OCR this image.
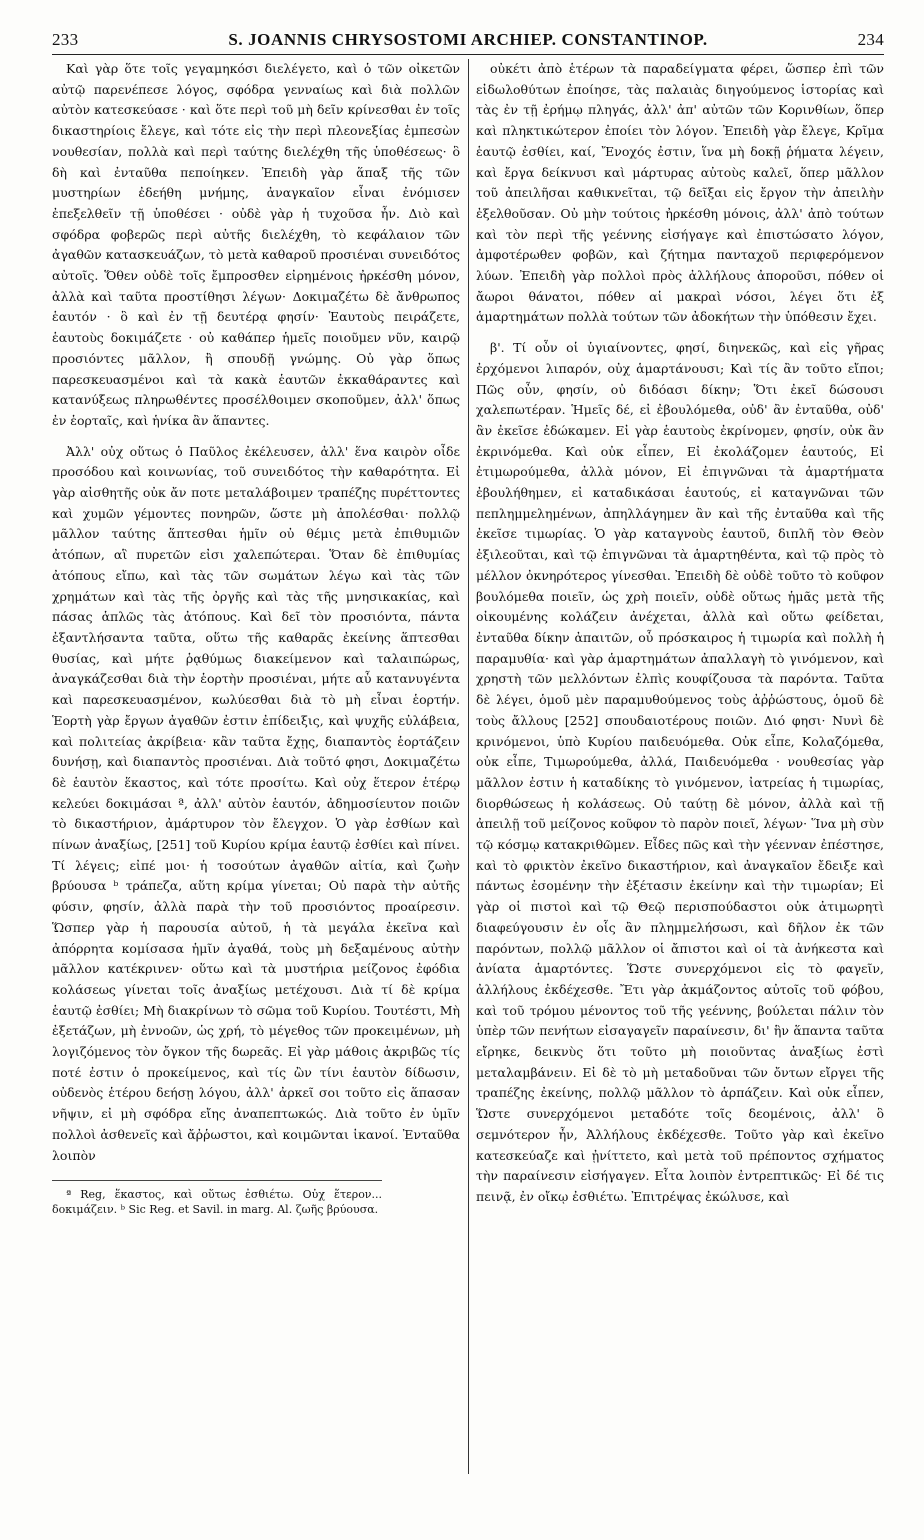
233	S. JOANNIS CHRYSOSTOMI ARCHIEP. CONSTANTINOP.	234

Καὶ γὰρ ὅτε τοῖς γεγαμηκόσι διελέγετο, καὶ ὁ τῶν οἰκετῶν αὐτῷ παρενέπεσε λόγος, σφόδρα γενναίως καὶ διὰ πολλῶν αὐτὸν κατεσκεύασε · καὶ ὅτε περὶ τοῦ μὴ δεῖν κρίνεσθαι ἐν τοῖς δικαστηρίοις ἔλεγε, καὶ τότε εἰς τὴν περὶ πλεονεξίας ἐμπεσὼν νουθεσίαν, πολλὰ καὶ περὶ ταύτης διελέχθη τῆς ὑποθέσεως· ὃ δὴ καὶ ἐνταῦθα πεποίηκεν. Ἐπειδὴ γὰρ ἅπαξ τῆς τῶν μυστηρίων ἐδεήθη μνήμης, ἀναγκαῖον εἶναι ἐνόμισεν ἐπεξελθεῖν τῇ ὑποθέσει · οὐδὲ γὰρ ἡ τυχοῦσα ἦν. Διὸ καὶ σφόδρα φοβερῶς περὶ αὐτῆς διελέχθη, τὸ κεφάλαιον τῶν ἀγαθῶν κατασκευάζων, τὸ μετὰ καθαροῦ προσιέναι συνειδότος αὐτοῖς. Ὅθεν οὐδὲ τοῖς ἔμπροσθεν εἰρημένοις ἠρκέσθη μόνον, ἀλλὰ καὶ ταῦτα προστίθησι λέγων· Δοκιμαζέτω δὲ ἄνθρωπος ἑαυτόν · ὃ καὶ ἐν τῇ δευτέρᾳ φησίν· Ἑαυτοὺς πειράζετε, ἑαυτοὺς δοκιμάζετε · οὐ καθάπερ ἡμεῖς ποιοῦμεν νῦν, καιρῷ προσιόντες μᾶλλον, ἢ σπουδῇ γνώμης. Οὐ γὰρ ὅπως παρεσκευασμένοι καὶ τὰ κακὰ ἑαυτῶν ἐκκαθάραντες καὶ κατανύξεως πληρωθέντες προσέλθοιμεν σκοποῦμεν, ἀλλ' ὅπως ἐν ἑορταῖς, καὶ ἡνίκα ἂν ἅπαντες.

Ἀλλ' οὐχ οὕτως ὁ Παῦλος ἐκέλευσεν, ἀλλ' ἕνα καιρὸν οἶδε προσόδου καὶ κοινωνίας, τοῦ συνειδότος τὴν καθαρότητα. Εἰ γὰρ αἰσθητῆς οὐκ ἄν ποτε μεταλάβοιμεν τραπέζης πυρέττοντες καὶ χυμῶν γέμοντες πονηρῶν, ὥστε μὴ ἀπολέσθαι· πολλῷ μᾶλλον ταύτης ἅπτεσθαι ἡμῖν οὐ θέμις μετὰ ἐπιθυμιῶν ἀτόπων, αἳ πυρετῶν εἰσι χαλεπώτεραι. Ὅταν δὲ ἐπιθυμίας ἀτόπους εἴπω, καὶ τὰς τῶν σωμάτων λέγω καὶ τὰς τῶν χρημάτων καὶ τὰς τῆς ὀργῆς καὶ τὰς τῆς μνησικακίας, καὶ πάσας ἁπλῶς τὰς ἀτόπους. Καὶ δεῖ τὸν προσιόντα, πάντα ἐξαντλήσαντα ταῦτα, οὕτω τῆς καθαρᾶς ἐκείνης ἅπτεσθαι θυσίας, καὶ μήτε ῥᾳθύμως διακείμενον καὶ ταλαιπώρως, ἀναγκάζεσθαι διὰ τὴν ἑορτὴν προσιέναι, μήτε αὖ κατανυγέντα καὶ παρεσκευασμένον, κωλύεσθαι διὰ τὸ μὴ εἶναι ἑορτήν. Ἑορτὴ γὰρ ἔργων ἀγαθῶν ἐστιν ἐπίδειξις, καὶ ψυχῆς εὐλάβεια, καὶ πολιτείας ἀκρίβεια· κἂν ταῦτα ἔχῃς, διαπαντὸς ἑορτάζειν δυνήσῃ, καὶ διαπαντὸς προσιέναι. Διὰ τοῦτό φησι, Δοκιμαζέτω δὲ ἑαυτὸν ἕκαστος, καὶ τότε προσίτω. Καὶ οὐχ ἕτερον ἑτέρῳ κελεύει δοκιμάσαι ª, ἀλλ' αὐτὸν ἑαυτόν, ἀδημοσίευτον ποιῶν τὸ δικαστήριον, ἀμάρτυρον τὸν ἔλεγχον. Ὁ γὰρ ἐσθίων καὶ πίνων ἀναξίως, [251] τοῦ Κυρίου κρίμα ἑαυτῷ ἐσθίει καὶ πίνει. Τί λέγεις; εἰπέ μοι· ἡ τοσούτων ἀγαθῶν αἰτία, καὶ ζωὴν βρύουσα ᵇ τράπεζα, αὕτη κρίμα γίνεται; Οὐ παρὰ τὴν αὐτῆς φύσιν, φησίν, ἀλλὰ παρὰ τὴν τοῦ προσιόντος προαίρεσιν. Ὥσπερ γὰρ ἡ παρουσία αὐτοῦ, ἡ τὰ μεγάλα ἐκεῖνα καὶ ἀπόρρητα κομίσασα ἡμῖν ἀγαθά, τοὺς μὴ δεξαμένους αὐτὴν μᾶλλον κατέκρινεν· οὕτω καὶ τὰ μυστήρια μείζονος ἐφόδια κολάσεως γίνεται τοῖς ἀναξίως μετέχουσι. Διὰ τί δὲ κρίμα ἑαυτῷ ἐσθίει; Μὴ διακρίνων τὸ σῶμα τοῦ Κυρίου. Τουτέστι, Μὴ ἐξετάζων, μὴ ἐννοῶν, ὡς χρή, τὸ μέγεθος τῶν προκειμένων, μὴ λογιζόμενος τὸν ὄγκον τῆς δωρεᾶς. Εἰ γὰρ μάθοις ἀκριβῶς τίς ποτέ ἐστιν ὁ προκείμενος, καὶ τίς ὢν τίνι ἑαυτὸν δίδωσιν, οὐδενὸς ἑτέρου δεήσῃ λόγου, ἀλλ' ἀρκεῖ σοι τοῦτο εἰς ἅπασαν νῆψιν, εἰ μὴ σφόδρα εἴης ἀναπεπτωκώς. Διὰ τοῦτο ἐν ὑμῖν πολλοὶ ἀσθενεῖς καὶ ἄῤῥωστοι, καὶ κοιμῶνται ἱκανοί. Ἐνταῦθα λοιπὸν

ª Reg, ἕκαστος, καὶ οὕτως ἐσθιέτω. Οὐχ ἕτερον... δοκιμάζειν. ᵇ Sic Reg. et Savil. in marg. Al. ζωῆς βρύουσα.

οὐκέτι ἀπὸ ἑτέρων τὰ παραδείγματα φέρει, ὥσπερ ἐπὶ τῶν εἰδωλοθύτων ἐποίησε, τὰς παλαιὰς διηγούμενος ἱστορίας καὶ τὰς ἐν τῇ ἐρήμῳ πληγάς, ἀλλ' ἀπ' αὐτῶν τῶν Κορινθίων, ὅπερ καὶ πληκτικώτερον ἐποίει τὸν λόγον. Ἐπειδὴ γὰρ ἔλεγε, Κρῖμα ἑαυτῷ ἐσθίει, καί, Ἔνοχός ἐστιν, ἵνα μὴ δοκῇ ῥήματα λέγειν, καὶ ἔργα δείκνυσι καὶ μάρτυρας αὐτοὺς καλεῖ, ὅπερ μᾶλλον τοῦ ἀπειλῆσαι καθικνεῖται, τῷ δεῖξαι εἰς ἔργον τὴν ἀπειλὴν ἐξελθοῦσαν. Οὐ μὴν τούτοις ἠρκέσθη μόνοις, ἀλλ' ἀπὸ τούτων καὶ τὸν περὶ τῆς γεέννης εἰσήγαγε καὶ ἐπιστώσατο λόγον, ἀμφοτέρωθεν φοβῶν, καὶ ζήτημα πανταχοῦ περιφερόμενον λύων. Ἐπειδὴ γὰρ πολλοὶ πρὸς ἀλλήλους ἀποροῦσι, πόθεν οἱ ἄωροι θάνατοι, πόθεν αἱ μακραὶ νόσοι, λέγει ὅτι ἐξ ἁμαρτημάτων πολλὰ τούτων τῶν ἀδοκήτων τὴν ὑπόθεσιν ἔχει.

β'. Τί οὖν οἱ ὑγιαίνοντες, φησί, διηνεκῶς, καὶ εἰς γῆρας ἐρχόμενοι λιπαρόν, οὐχ ἁμαρτάνουσι; Καὶ τίς ἂν τοῦτο εἴποι; Πῶς οὖν, φησίν, οὐ διδόασι δίκην; Ὅτι ἐκεῖ δώσουσι χαλεπωτέραν. Ἡμεῖς δέ, εἰ ἐβουλόμεθα, οὐδ' ἂν ἐνταῦθα, οὐδ' ἂν ἐκεῖσε ἐδώκαμεν. Εἰ γὰρ ἑαυτοὺς ἐκρίνομεν, φησίν, οὐκ ἂν ἐκρινόμεθα. Καὶ οὐκ εἶπεν, Εἰ ἐκολάζομεν ἑαυτούς, Εἰ ἐτιμωρούμεθα, ἀλλὰ μόνον, Εἰ ἐπιγνῶναι τὰ ἁμαρτήματα ἐβουλήθημεν, εἰ καταδικάσαι ἑαυτούς, εἰ καταγνῶναι τῶν πεπλημμελημένων, ἀπηλλάγημεν ἂν καὶ τῆς ἐνταῦθα καὶ τῆς ἐκεῖσε τιμωρίας. Ὁ γὰρ καταγνοὺς ἑαυτοῦ, διπλῆ τὸν Θεὸν ἐξιλεοῦται, καὶ τῷ ἐπιγνῶναι τὰ ἁμαρτηθέντα, καὶ τῷ πρὸς τὸ μέλλον ὀκνηρότερος γίνεσθαι. Ἐπειδὴ δὲ οὐδὲ τοῦτο τὸ κοῦφον βουλόμεθα ποιεῖν, ὡς χρὴ ποιεῖν, οὐδὲ οὕτως ἡμᾶς μετὰ τῆς οἰκουμένης κολάζειν ἀνέχεται, ἀλλὰ καὶ οὕτω φείδεται, ἐνταῦθα δίκην ἀπαιτῶν, οὗ πρόσκαιρος ἡ τιμωρία καὶ πολλὴ ἡ παραμυθία· καὶ γὰρ ἁμαρτημάτων ἀπαλλαγὴ τὸ γινόμενον, καὶ χρηστὴ τῶν μελλόντων ἐλπὶς κουφίζουσα τὰ παρόντα. Ταῦτα δὲ λέγει, ὁμοῦ μὲν παραμυθούμενος τοὺς ἀῤῥώστους, ὁμοῦ δὲ τοὺς ἄλλους [252] σπουδαιοτέρους ποιῶν. Διό φησι· Νυνὶ δὲ κρινόμενοι, ὑπὸ Κυρίου παιδευόμεθα. Οὐκ εἶπε, Κολαζόμεθα, οὐκ εἶπε, Τιμωρούμεθα, ἀλλά, Παιδευόμεθα · νουθεσίας γὰρ μᾶλλον ἐστιν ἡ καταδίκης τὸ γινόμενον, ἰατρείας ἡ τιμωρίας, διορθώσεως ἡ κολάσεως. Οὐ ταύτῃ δὲ μόνον, ἀλλὰ καὶ τῇ ἀπειλῇ τοῦ μείζονος κοῦφον τὸ παρὸν ποιεῖ, λέγων· Ἵνα μὴ σὺν τῷ κόσμῳ κατακριθῶμεν. Εἶδες πῶς καὶ τὴν γέενναν ἐπέστησε, καὶ τὸ φρικτὸν ἐκεῖνο δικαστήριον, καὶ ἀναγκαῖον ἔδειξε καὶ πάντως ἐσομένην τὴν ἐξέτασιν ἐκείνην καὶ τὴν τιμωρίαν; Εἰ γὰρ οἱ πιστοὶ καὶ τῷ Θεῷ περισπούδαστοι οὐκ ἀτιμωρητὶ διαφεύγουσιν ἐν οἷς ἂν πλημμελήσωσι, καὶ δῆλον ἐκ τῶν παρόντων, πολλῷ μᾶλλον οἱ ἄπιστοι καὶ οἱ τὰ ἀνήκεστα καὶ ἀνίατα ἁμαρτόντες. Ὥστε συνερχόμενοι εἰς τὸ φαγεῖν, ἀλλήλους ἐκδέχεσθε. Ἔτι γὰρ ἀκμάζοντος αὐτοῖς τοῦ φόβου, καὶ τοῦ τρόμου μένοντος τοῦ τῆς γεέννης, βούλεται πάλιν τὸν ὑπὲρ τῶν πενήτων εἰσαγαγεῖν παραίνεσιν, δι' ἣν ἅπαντα ταῦτα εἴρηκε, δεικνὺς ὅτι τοῦτο μὴ ποιοῦντας ἀναξίως ἐστὶ μεταλαμβάνειν. Εἰ δὲ τὸ μὴ μεταδοῦναι τῶν ὄντων εἴργει τῆς τραπέζης ἐκείνης, πολλῷ μᾶλλον τὸ ἁρπάζειν. Καὶ οὐκ εἶπεν, Ὥστε συνερχόμενοι μεταδότε τοῖς δεομένοις, ἀλλ' ὃ σεμνότερον ἦν, Ἀλλήλους ἐκδέχεσθε. Τοῦτο γὰρ καὶ ἐκεῖνο κατεσκεύαζε καὶ ᾐνίττετο, καὶ μετὰ τοῦ πρέποντος σχήματος τὴν παραίνεσιν εἰσήγαγεν. Εἶτα λοιπὸν ἐντρεπτικῶς· Εἰ δέ τις πεινᾷ, ἐν οἴκῳ ἐσθιέτω. Ἐπιτρέψας ἐκώλυσε, καὶ
